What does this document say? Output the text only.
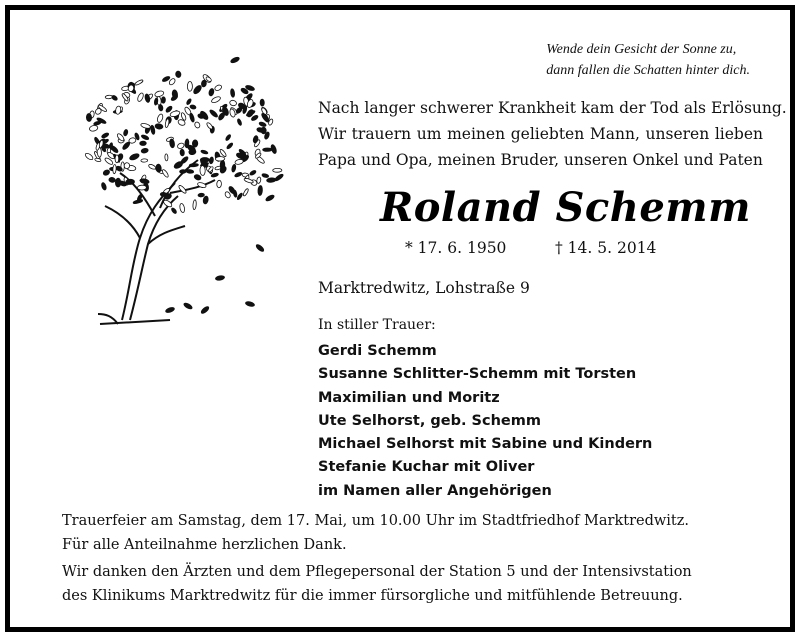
Wende dein Gesicht der Sonne zu,
dann fallen die Schatten hinter dich.
Nach langer schwerer Krankheit kam der Tod als Erlösung.
Wir trauern um meinen geliebten Mann, unseren lieben
Papa und Opa, meinen Bruder, unseren Onkel und Paten
Roland Schemm
* 17. 6. 1950	† 14. 5. 2014
Marktredwitz, Lohstraße 9
In stiller Trauer:
Gerdi Schemm
Susanne Schlitter-Schemm mit Torsten
Maximilian und Moritz
Ute Selhorst, geb. Schemm
Michael Selhorst mit Sabine und Kindern
Stefanie Kuchar mit Oliver
im Namen aller Angehörigen
Trauerfeier am Samstag, dem 17. Mai, um 10.00 Uhr im Stadtfriedhof Marktredwitz.
Für alle Anteilnahme herzlichen Dank.
Wir danken den Ärzten und dem Pflegepersonal der Station 5 und der Intensivstation
des Klinikums Marktredwitz für die immer fürsorgliche und mitfühlende Betreuung.
